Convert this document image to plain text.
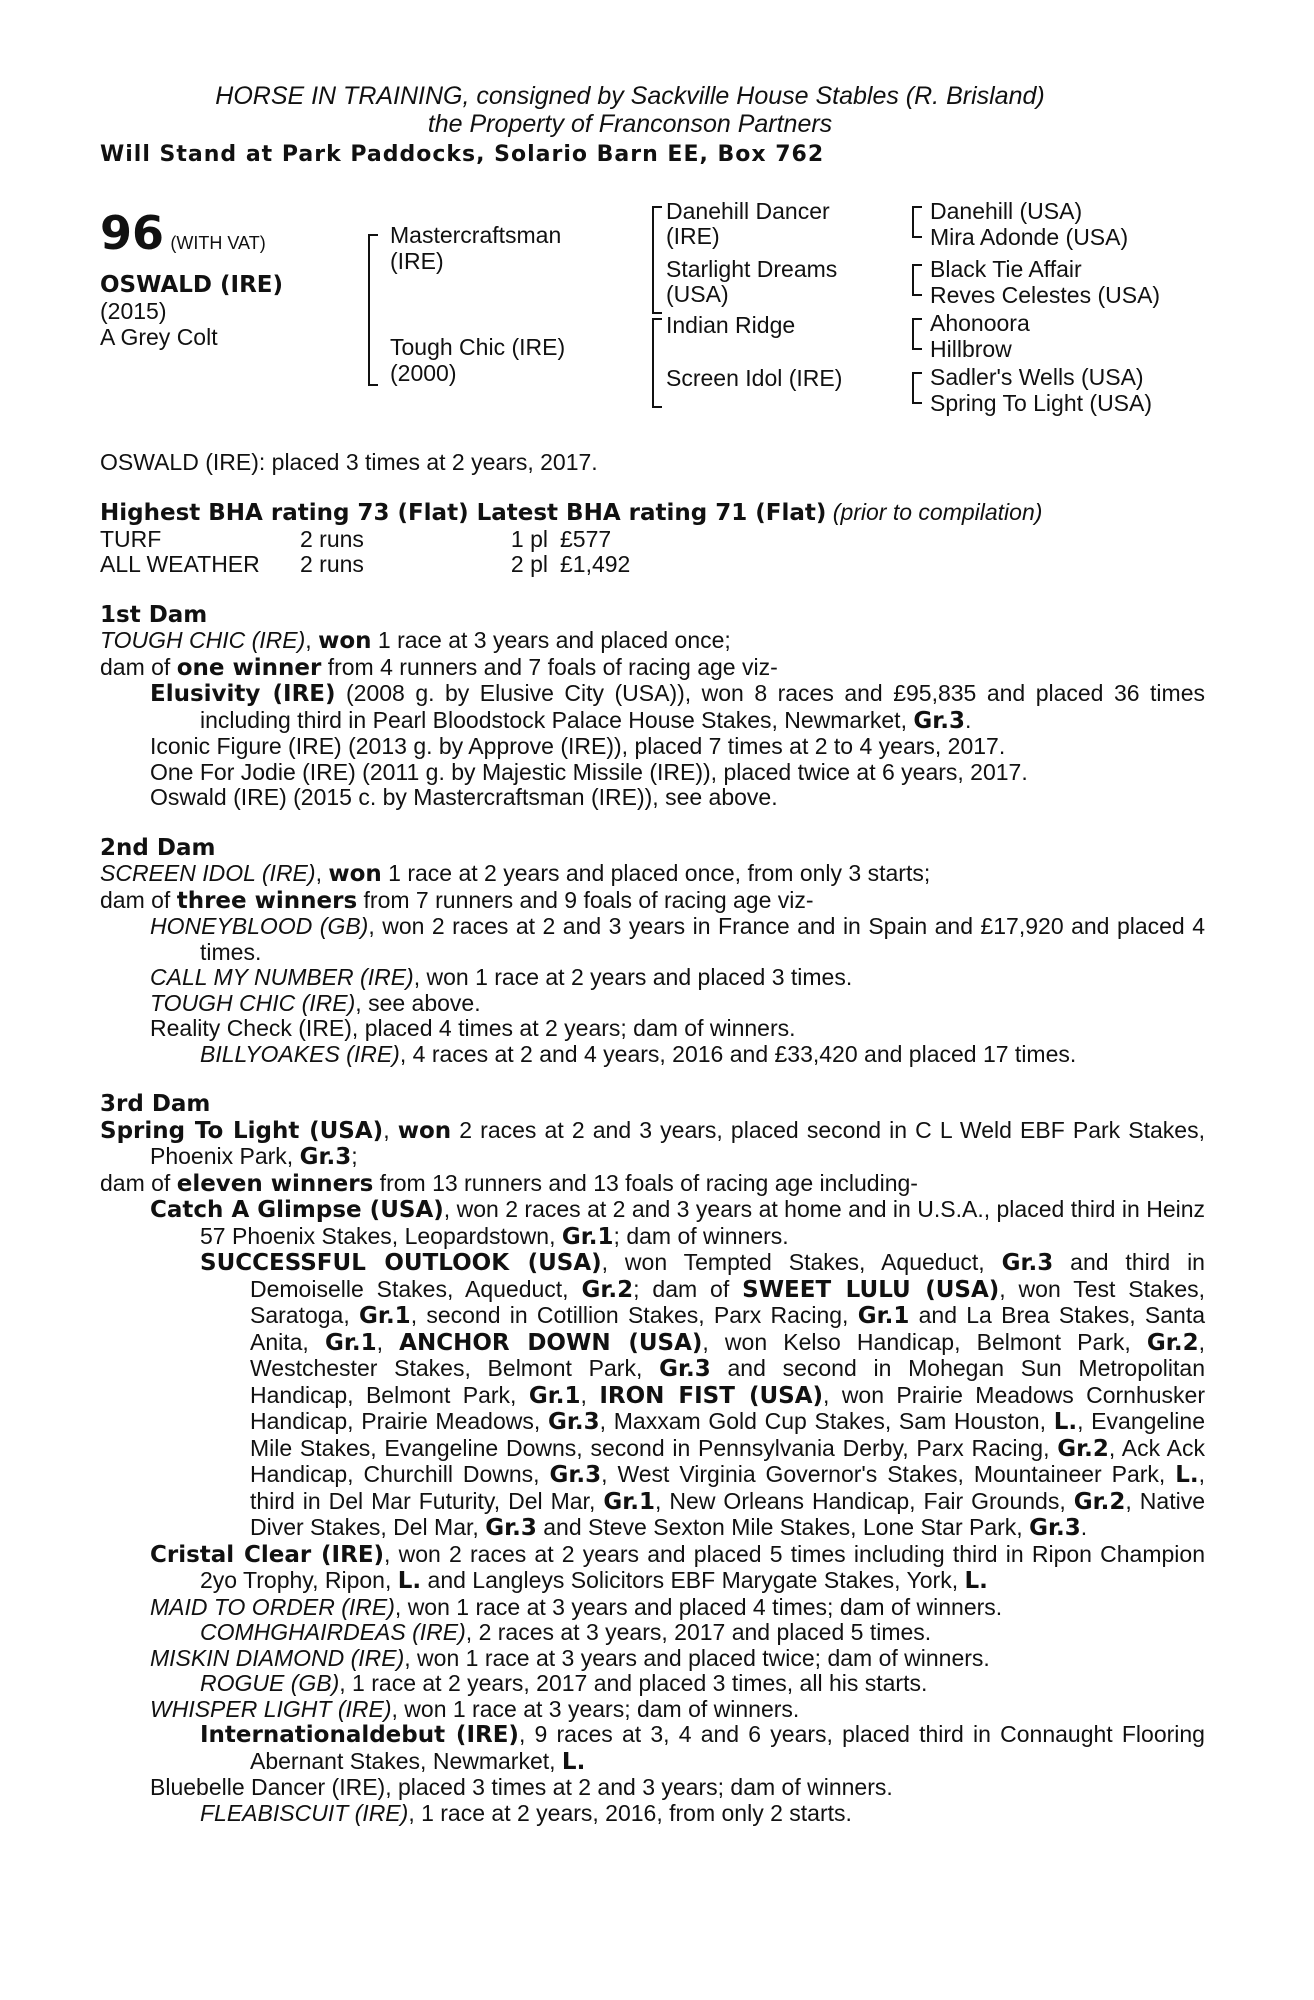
HORSE IN TRAINING, consigned by Sackville House Stables (R. Brisland)
the Property of Franconson Partners
Will Stand at Park Paddocks, Solario Barn EE, Box 762
96 (WITH VAT)
OSWALD (IRE)
(2015)
A Grey Colt
Mastercraftsman
(IRE)
Tough Chic (IRE)
(2000)
Danehill Dancer
(IRE)
Starlight Dreams
(USA)
Indian Ridge
Screen Idol (IRE)
Danehill (USA)
Mira Adonde (USA)
Black Tie Affair
Reves Celestes (USA)
Ahonoora
Hillbrow
Sadler's Wells (USA)
Spring To Light (USA)
OSWALD (IRE): placed 3 times at 2 years, 2017.
Highest BHA rating 73 (Flat) Latest BHA rating 71 (Flat) (prior to compilation)
TURF	2 runs	1 pl £577
ALL WEATHER	2 runs	2 pl £1,492
1st Dam
TOUGH CHIC (IRE), won 1 race at 3 years and placed once;
dam of one winner from 4 runners and 7 foals of racing age viz-
Elusivity (IRE) (2008 g. by Elusive City (USA)), won 8 races and £95,835 and placed 36 times including third in Pearl Bloodstock Palace House Stakes, Newmarket, Gr.3.
Iconic Figure (IRE) (2013 g. by Approve (IRE)), placed 7 times at 2 to 4 years, 2017.
One For Jodie (IRE) (2011 g. by Majestic Missile (IRE)), placed twice at 6 years, 2017.
Oswald (IRE) (2015 c. by Mastercraftsman (IRE)), see above.
2nd Dam
SCREEN IDOL (IRE), won 1 race at 2 years and placed once, from only 3 starts;
dam of three winners from 7 runners and 9 foals of racing age viz-
HONEYBLOOD (GB), won 2 races at 2 and 3 years in France and in Spain and £17,920 and placed 4 times.
CALL MY NUMBER (IRE), won 1 race at 2 years and placed 3 times.
TOUGH CHIC (IRE), see above.
Reality Check (IRE), placed 4 times at 2 years; dam of winners.
BILLYOAKES (IRE), 4 races at 2 and 4 years, 2016 and £33,420 and placed 17 times.
3rd Dam
Spring To Light (USA), won 2 races at 2 and 3 years, placed second in C L Weld EBF Park Stakes, Phoenix Park, Gr.3;
dam of eleven winners from 13 runners and 13 foals of racing age including-
Catch A Glimpse (USA), won 2 races at 2 and 3 years at home and in U.S.A., placed third in Heinz 57 Phoenix Stakes, Leopardstown, Gr.1; dam of winners.
SUCCESSFUL OUTLOOK (USA), won Tempted Stakes, Aqueduct, Gr.3 and third in Demoiselle Stakes, Aqueduct, Gr.2; dam of SWEET LULU (USA), won Test Stakes, Saratoga, Gr.1, second in Cotillion Stakes, Parx Racing, Gr.1 and La Brea Stakes, Santa Anita, Gr.1, ANCHOR DOWN (USA), won Kelso Handicap, Belmont Park, Gr.2, Westchester Stakes, Belmont Park, Gr.3 and second in Mohegan Sun Metropolitan Handicap, Belmont Park, Gr.1, IRON FIST (USA), won Prairie Meadows Cornhusker Handicap, Prairie Meadows, Gr.3, Maxxam Gold Cup Stakes, Sam Houston, L., Evangeline Mile Stakes, Evangeline Downs, second in Pennsylvania Derby, Parx Racing, Gr.2, Ack Ack Handicap, Churchill Downs, Gr.3, West Virginia Governor's Stakes, Mountaineer Park, L., third in Del Mar Futurity, Del Mar, Gr.1, New Orleans Handicap, Fair Grounds, Gr.2, Native Diver Stakes, Del Mar, Gr.3 and Steve Sexton Mile Stakes, Lone Star Park, Gr.3.
Cristal Clear (IRE), won 2 races at 2 years and placed 5 times including third in Ripon Champion 2yo Trophy, Ripon, L. and Langleys Solicitors EBF Marygate Stakes, York, L.
MAID TO ORDER (IRE), won 1 race at 3 years and placed 4 times; dam of winners.
COMHGHAIRDEAS (IRE), 2 races at 3 years, 2017 and placed 5 times.
MISKIN DIAMOND (IRE), won 1 race at 3 years and placed twice; dam of winners.
ROGUE (GB), 1 race at 2 years, 2017 and placed 3 times, all his starts.
WHISPER LIGHT (IRE), won 1 race at 3 years; dam of winners.
Internationaldebut (IRE), 9 races at 3, 4 and 6 years, placed third in Connaught Flooring Abernant Stakes, Newmarket, L.
Bluebelle Dancer (IRE), placed 3 times at 2 and 3 years; dam of winners.
FLEABISCUIT (IRE), 1 race at 2 years, 2016, from only 2 starts.
